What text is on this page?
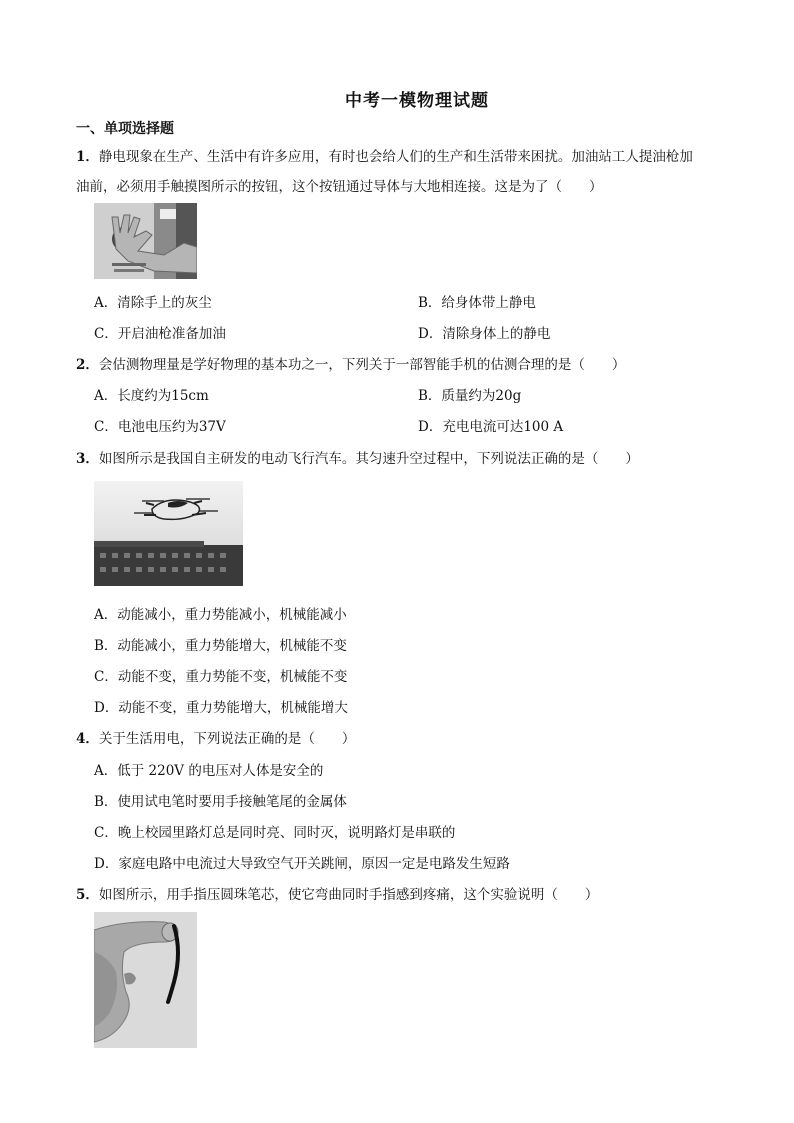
中考一模物理试题
一、单项选择题
1．静电现象在生产、生活中有许多应用，有时也会给人们的生产和生活带来困扰。加油站工人提油枪加
油前，必须用手触摸图所示的按钮，这个按钮通过导体与大地相连接。这是为了（　　）
A．清除手上的灰尘	B．给身体带上静电
C．开启油枪准备加油	D．清除身体上的静电
2．会估测物理量是学好物理的基本功之一，下列关于一部智能手机的估测合理的是（　　）
A．长度约为15cm	B．质量约为20g
C．电池电压约为37V	D．充电电流可达100 A
3．如图所示是我国自主研发的电动飞行汽车。其匀速升空过程中，下列说法正确的是（　　）
A．动能减小，重力势能减小，机械能减小
B．动能减小，重力势能增大，机械能不变
C．动能不变，重力势能不变，机械能不变
D．动能不变，重力势能增大，机械能增大
4．关于生活用电，下列说法正确的是（　　）
A．低于 220V 的电压对人体是安全的
B．使用试电笔时要用手接触笔尾的金属体
C．晚上校园里路灯总是同时亮、同时灭，说明路灯是串联的
D．家庭电路中电流过大导致空气开关跳闸，原因一定是电路发生短路
5．如图所示，用手指压圆珠笔芯，使它弯曲同时手指感到疼痛，这个实验说明（　　）
